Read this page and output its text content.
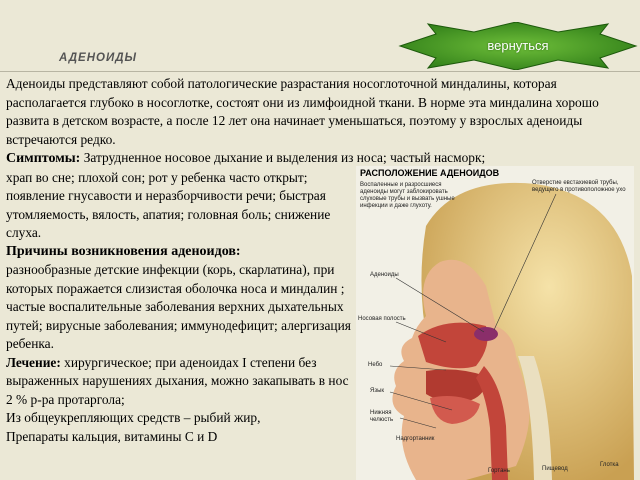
АДЕНОИДЫ
вернуться

Аденоиды представляют собой патологические разрастания носоглоточной миндалины, которая располагается глубоко в носоглотке, состоят они из лимфоидной ткани. В норме эта миндалина хорошо развита в детском возрасте, а после 12 лет она начинает уменьшаться, поэтому у взрослых аденоиды встречаются редко.

Симптомы: Затрудненное носовое дыхание и выделения из носа; частый насморк;

храп во сне; плохой сон; рот у ребенка часто открыт; появление гнусавости и неразборчивости речи; быстрая утомляемость, вялость, апатия; головная боль; снижение слуха.

Причины возникновения аденоидов:

разнообразные детские инфекции (корь, скарлатина), при которых поражается слизистая оболочка носа и миндалин ; частые воспалительные заболевания верхних дыхательных путей; вирусные заболевания; иммунодефицит; алергизация ребенка.

Лечение: хирургическое; при аденоидах I степени без выраженных нарушениях дыхания, можно закапывать в нос 2 % р-ра протаргола;

Из общеукрепляющих средств – рыбий жир,

Препараты кальция, витамины С и D

РАСПОЛОЖЕНИЕ АДЕНОИДОВ
Воспаленные и разросшиеся аденоиды могут заблокировать слуховые трубы и вызвать ушные инфекции и даже глухоту.
Отверстие евстахиевой трубы, ведущего в противоположное ухо
Аденоиды
Носовая полость
Небо
Язык
Нижняя челюсть
Надгортанник
Гортань	Пищевод
Глотка
